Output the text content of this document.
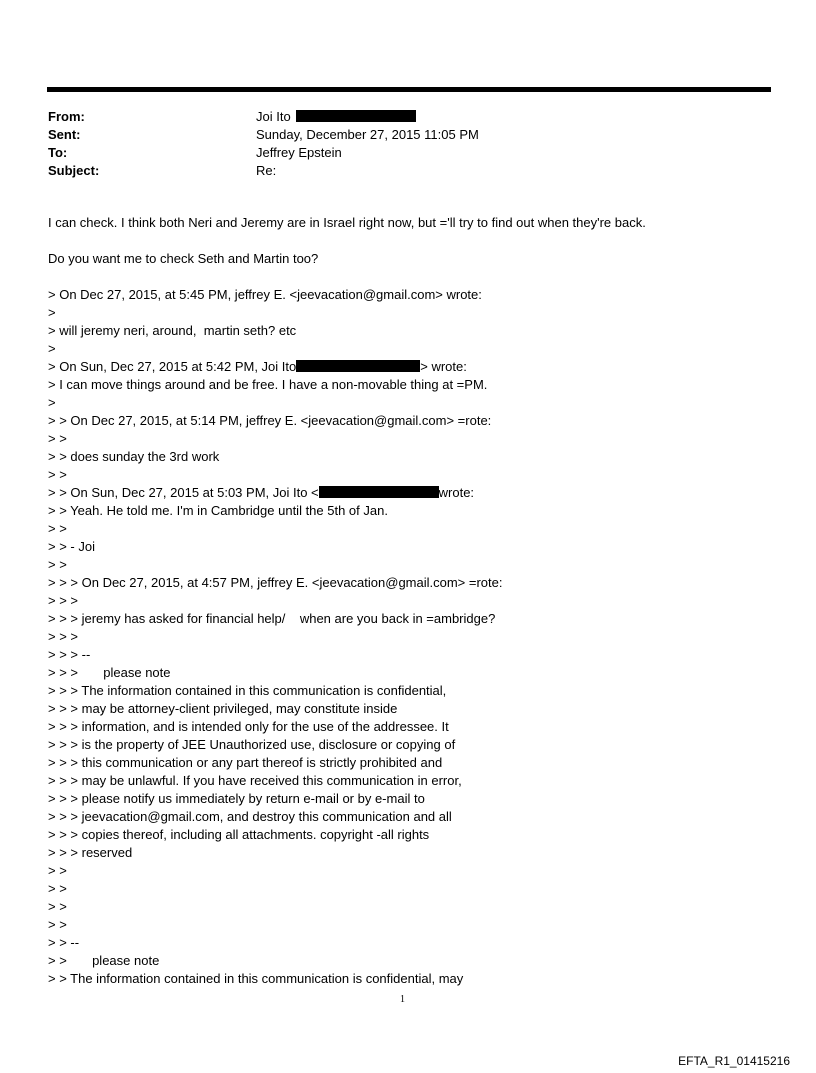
From:	Joi Ito
Sent:	Sunday, December 27, 2015 11:05 PM
To:	Jeffrey Epstein
Subject:	Re:
I can check. I think both Neri and Jeremy are in Israel right now, but ='ll try to find out when they're back.
Do you want me to check Seth and Martin too?
> On Dec 27, 2015, at 5:45 PM, jeffrey E. <jeevacation@gmail.com> wrote:
>
> will jeremy neri, around,  martin seth? etc
>
> On Sun, Dec 27, 2015 at 5:42 PM, Joi Ito	> wrote:
> I can move things around and be free. I have a non-movable thing at =PM.
>
> > On Dec 27, 2015, at 5:14 PM, jeffrey E. <jeevacation@gmail.com> =rote:
> >
> > does sunday the 3rd work
> >
> > On Sun, Dec 27, 2015 at 5:03 PM, Joi Ito <	wrote:
> > Yeah. He told me. I'm in Cambridge until the 5th of Jan.
> >
> > - Joi
> >
> > > On Dec 27, 2015, at 4:57 PM, jeffrey E. <jeevacation@gmail.com> =rote:
> > >
> > > jeremy has asked for financial help/    when are you back in =ambridge?
> > >
> > > --
> > >       please note
> > > The information contained in this communication is confidential,
> > > may be attorney-client privileged, may constitute inside
> > > information, and is intended only for the use of the addressee. It
> > > is the property of JEE Unauthorized use, disclosure or copying of
> > > this communication or any part thereof is strictly prohibited and
> > > may be unlawful. If you have received this communication in error,
> > > please notify us immediately by return e-mail or by e-mail to
> > > jeevacation@gmail.com, and destroy this communication and all
> > > copies thereof, including all attachments. copyright -all rights
> > > reserved
> >
> >
> >
> >
> > --
> >       please note
> > The information contained in this communication is confidential, may
1
EFTA_R1_01415216
